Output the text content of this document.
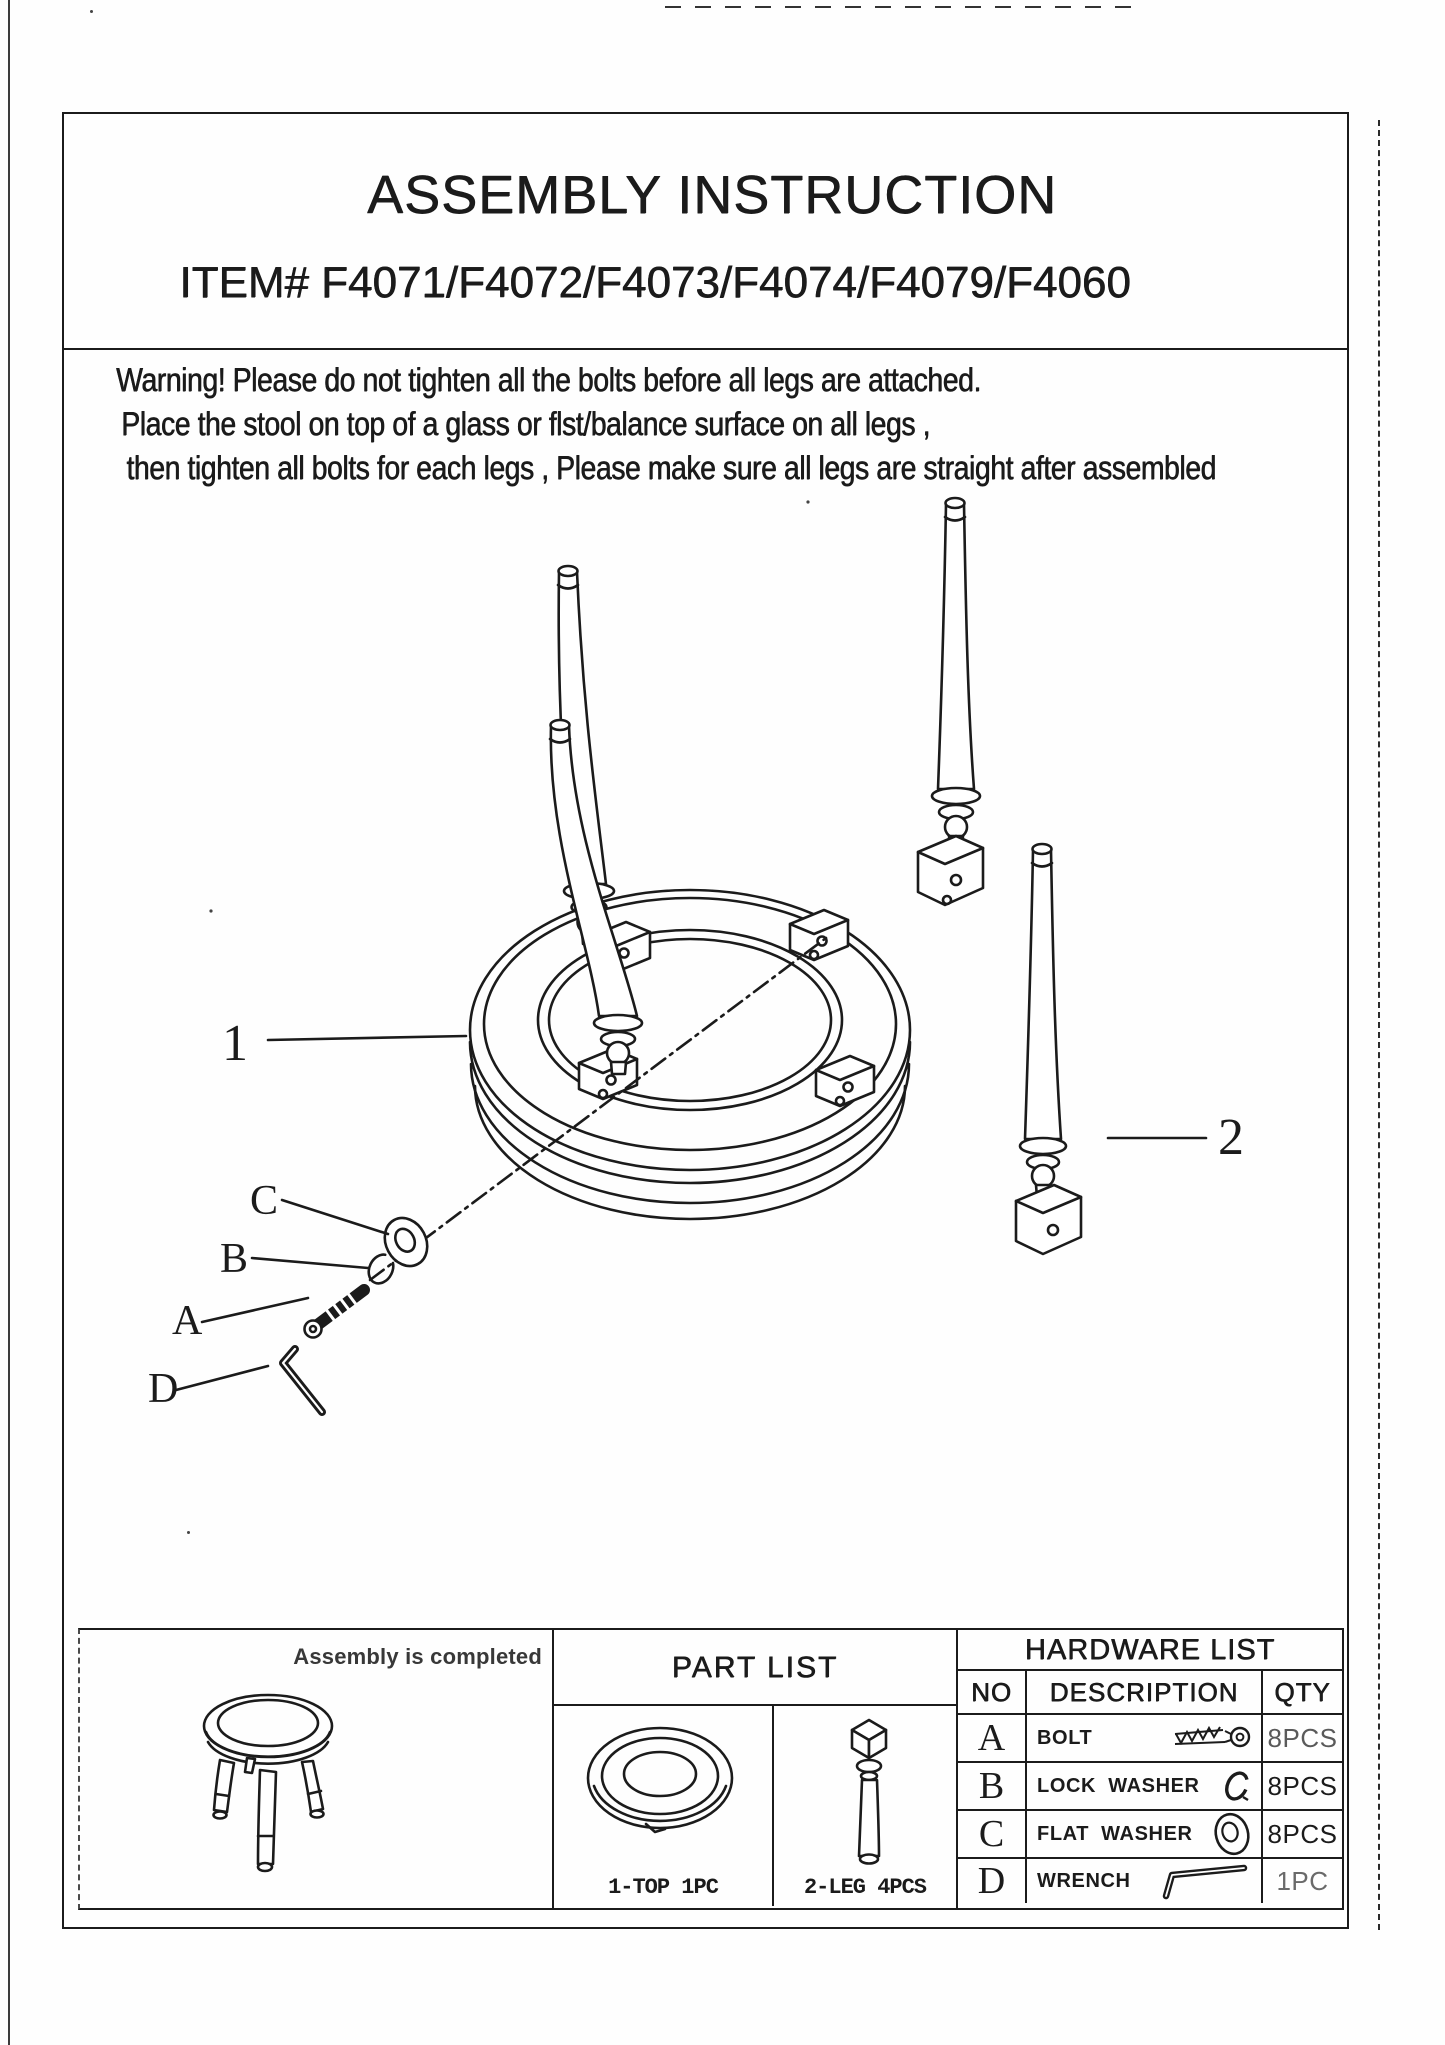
ASSEMBLY INSTRUCTION
ITEM# F4071/F4072/F4073/F4074/F4079/F4060
Warning! Please do not tighten all the bolts before all legs are attached.
Place the stool on top of a glass or flst/balance surface on all legs ,
then tighten all bolts for each legs , Please make sure all legs are straight after assembled
1
2
C
B
A
D
Assembly is completed	PART LIST
1-TOP 1PC	2-LEG 4PCS
HARDWARE LIST
NO	DESCRIPTION	QTY
A	BOLT	8PCS
B	LOCK WASHER	8PCS
C	FLAT WASHER	8PCS
D	WRENCH	1PC
